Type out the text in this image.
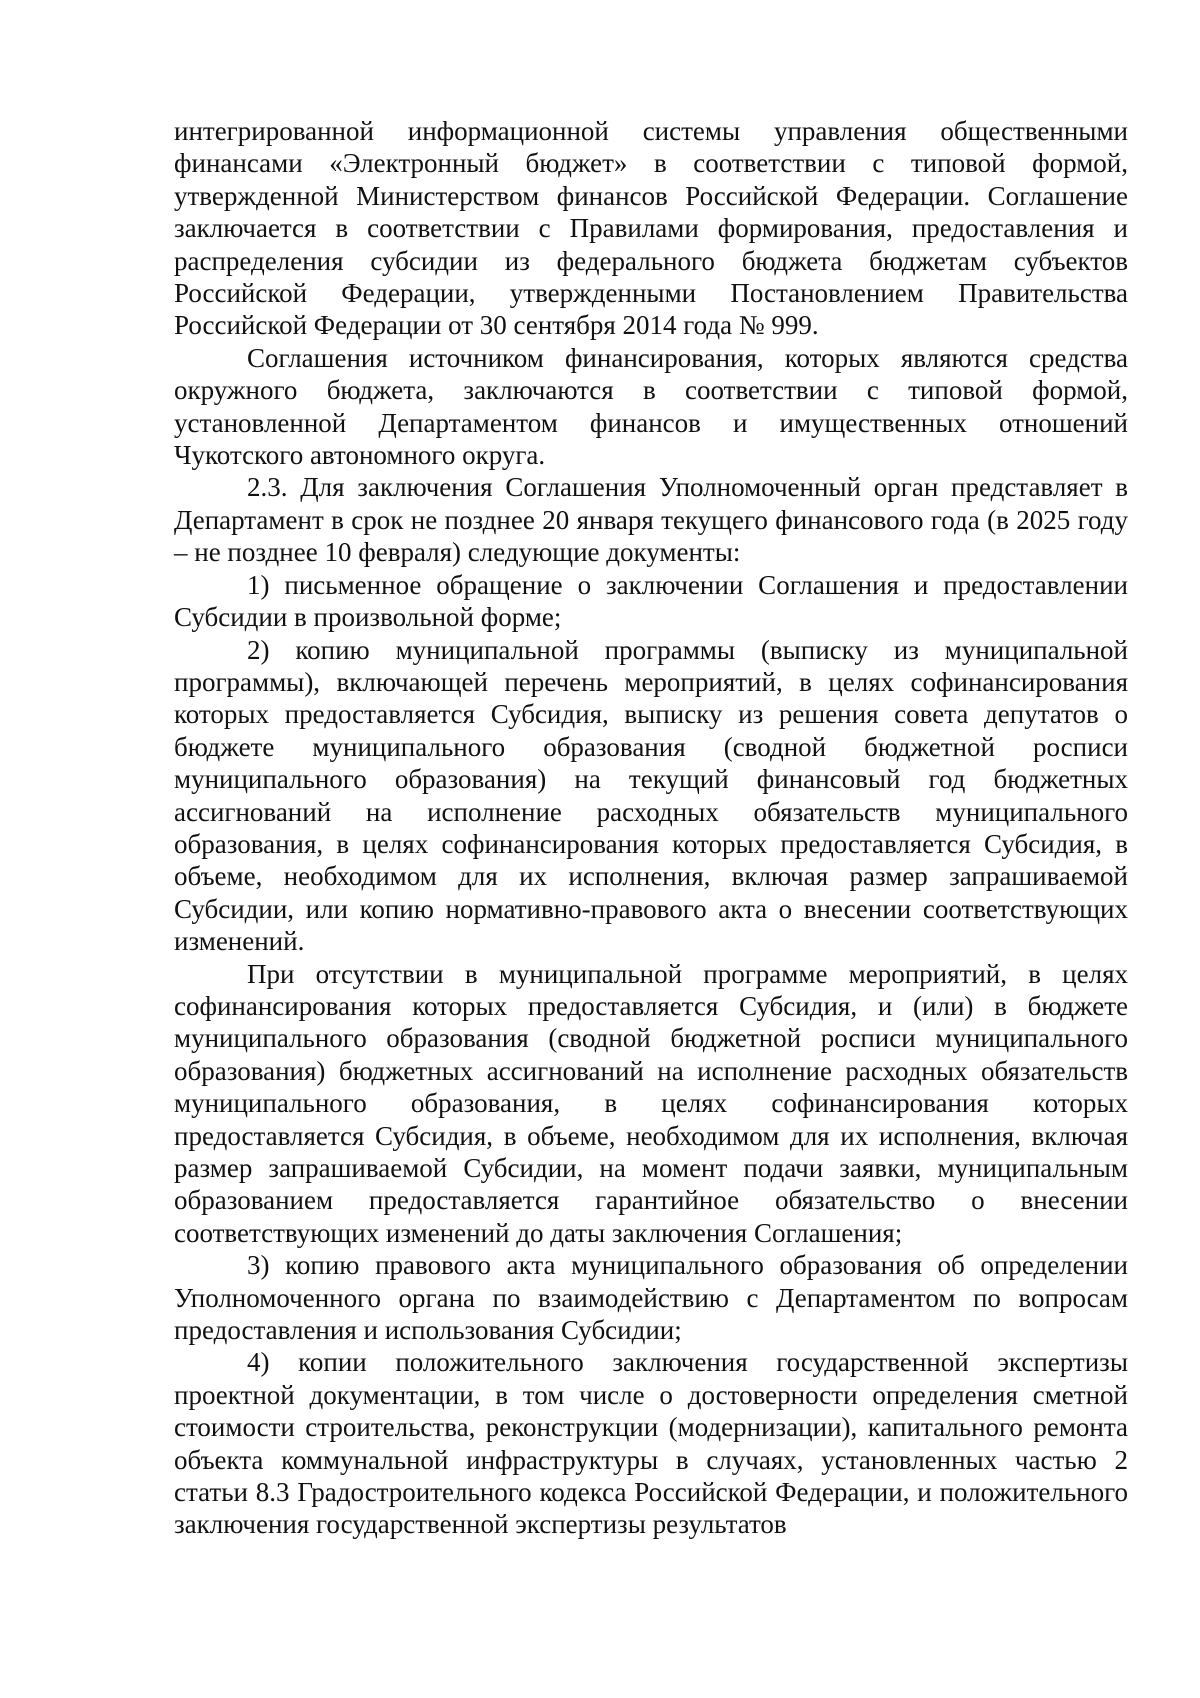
интегрированной информационной системы управления общественными финансами «Электронный бюджет» в соответствии с типовой формой, утвержденной Министерством финансов Российской Федерации. Соглашение заключается в соответствии с Правилами формирования, предоставления и распределения субсидии из федерального бюджета бюджетам субъектов Российской Федерации, утвержденными Постановлением Правительства Российской Федерации от 30 сентября 2014 года № 999.

Соглашения источником финансирования, которых являются средства окружного бюджета, заключаются в соответствии с типовой формой, установленной Департаментом финансов и имущественных отношений Чукотского автономного округа.

2.3. Для заключения Соглашения Уполномоченный орган представляет в Департамент в срок не позднее 20 января текущего финансового года (в 2025 году – не позднее 10 февраля) следующие документы:

1) письменное обращение о заключении Соглашения и предоставлении Субсидии в произвольной форме;

2) копию муниципальной программы (выписку из муниципальной программы), включающей перечень мероприятий, в целях софинансирования которых предоставляется Субсидия, выписку из решения совета депутатов о бюджете муниципального образования (сводной бюджетной росписи муниципального образования) на текущий финансовый год бюджетных ассигнований на исполнение расходных обязательств муниципального образования, в целях софинансирования которых предоставляется Субсидия, в объеме, необходимом для их исполнения, включая размер запрашиваемой Субсидии, или копию нормативно-правового акта о внесении соответствующих изменений.

При отсутствии в муниципальной программе мероприятий, в целях софинансирования которых предоставляется Субсидия, и (или) в бюджете муниципального образования (сводной бюджетной росписи муниципального образования) бюджетных ассигнований на исполнение расходных обязательств муниципального образования, в целях софинансирования которых предоставляется Субсидия, в объеме, необходимом для их исполнения, включая размер запрашиваемой Субсидии, на момент подачи заявки, муниципальным образованием предоставляется гарантийное обязательство о внесении соответствующих изменений до даты заключения Соглашения;

3) копию правового акта муниципального образования об определении Уполномоченного органа по взаимодействию с Департаментом по вопросам предоставления и использования Субсидии;

4) копии положительного заключения государственной экспертизы проектной документации, в том числе о достоверности определения сметной стоимости строительства, реконструкции (модернизации), капитального ремонта объекта коммунальной инфраструктуры в случаях, установленных частью 2 статьи 8.3 Градостроительного кодекса Российской Федерации, и положительного заключения государственной экспертизы результатов
